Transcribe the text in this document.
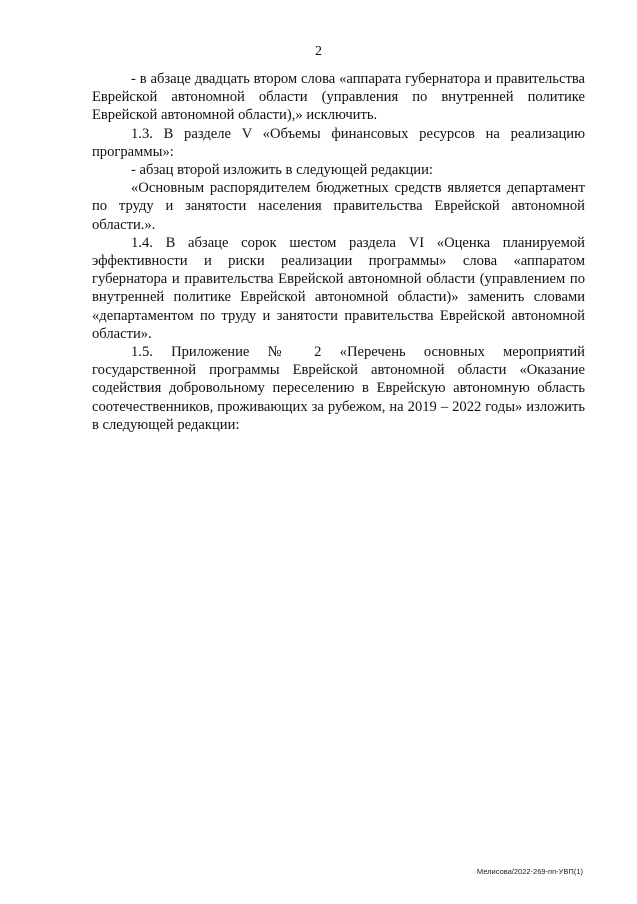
2

- в абзаце двадцать втором слова «аппарата губернатора и правительства Еврейской автономной области (управления по внутренней политике Еврейской автономной области),» исключить.

1.3. В разделе V «Объемы финансовых ресурсов на реализацию программы»:

- абзац второй изложить в следующей редакции:

«Основным распорядителем бюджетных средств является департамент по труду и занятости населения правительства Еврейской автономной области.».

1.4. В абзаце сорок шестом раздела VI «Оценка планируемой эффективности и риски реализации программы» слова «аппаратом губернатора и правительства Еврейской автономной области (управлением по внутренней политике Еврейской автономной области)» заменить словами «департаментом по труду и занятости правительства Еврейской автономной области».

1.5. Приложение № 2 «Перечень основных мероприятий государственной программы Еврейской автономной области «Оказание содействия добровольному переселению в Еврейскую автономную область соотечественников, проживающих за рубежом, на 2019 – 2022 годы» изложить в следующей редакции:

Мелисова/2022-269-пп-УВП(1)
